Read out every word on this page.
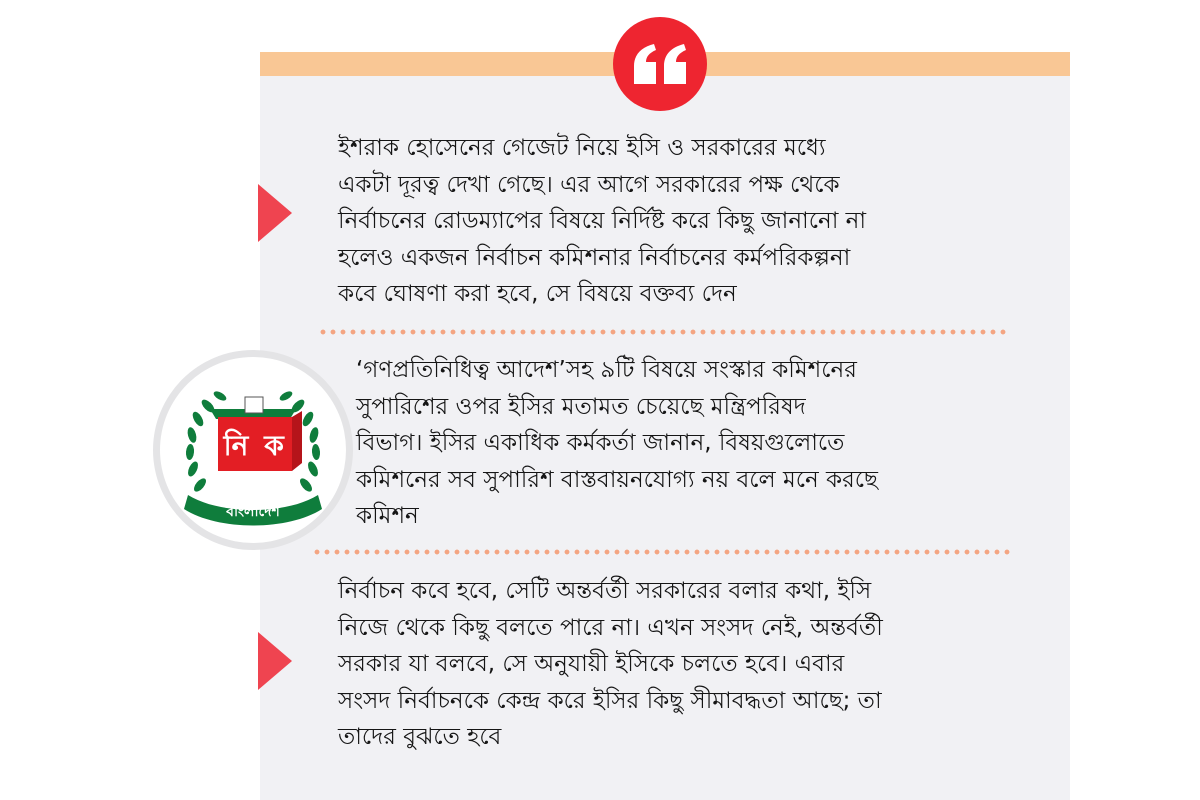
ইশরাক হোসেনের গেজেট নিয়ে ইসি ও সরকারের মধ্যে
একটা দূরত্ব দেখা গেছে। এর আগে সরকারের পক্ষ থেকে
নির্বাচনের রোডম্যাপের বিষয়ে নির্দিষ্ট করে কিছু জানানো না
হলেও একজন নির্বাচন কমিশনার নির্বাচনের কর্মপরিকল্পনা
কবে ঘোষণা করা হবে, সে বিষয়ে বক্তব্য দেন

নি ক
বাংলাদেশ

‘গণপ্রতিনিধিত্ব আদেশ’সহ ৯টি বিষয়ে সংস্কার কমিশনের
সুপারিশের ওপর ইসির মতামত চেয়েছে মন্ত্রিপরিষদ
বিভাগ। ইসির একাধিক কর্মকর্তা জানান, বিষয়গুলোতে
কমিশনের সব সুপারিশ বাস্তবায়নযোগ্য নয় বলে মনে করছে
কমিশন

নির্বাচন কবে হবে, সেটি অন্তর্বর্তী সরকারের বলার কথা, ইসি
নিজে থেকে কিছু বলতে পারে না। এখন সংসদ নেই, অন্তর্বর্তী
সরকার যা বলবে, সে অনুযায়ী ইসিকে চলতে হবে। এবার
সংসদ নির্বাচনকে কেন্দ্র করে ইসির কিছু সীমাবদ্ধতা আছে; তা
তাদের বুঝতে হবে
